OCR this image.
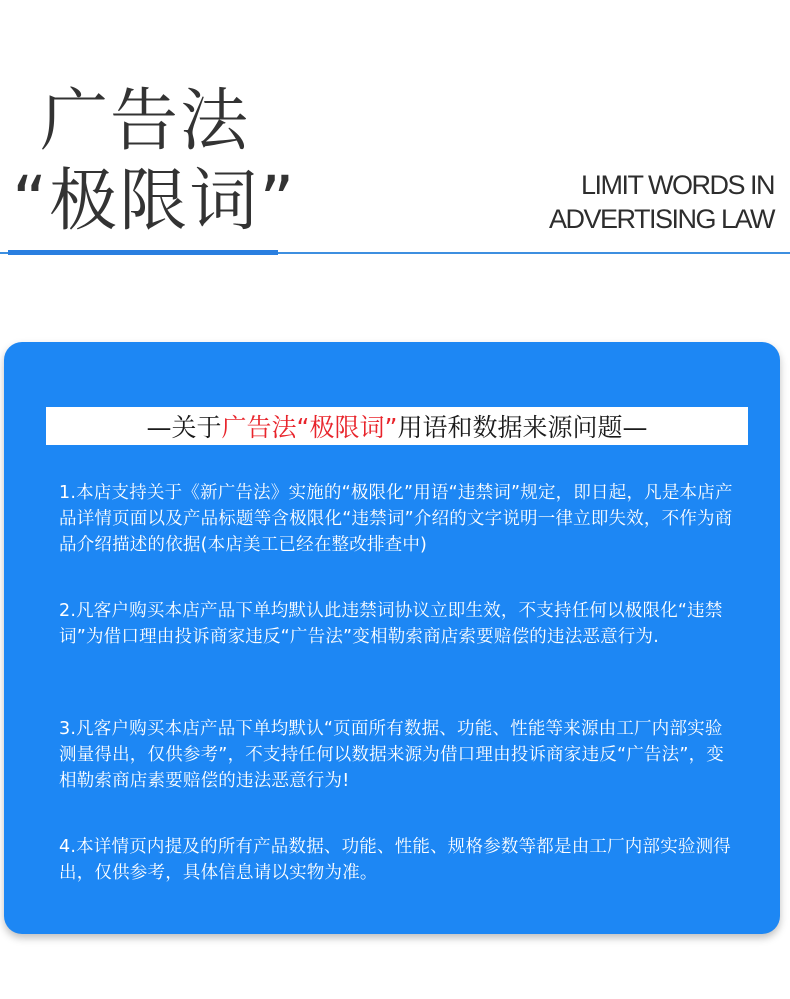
广告法
“极限词”	LIMIT WORDS IN
ADVERTISING LAW
—关于 广告法“极限词” 用语和数据来源问题—
1.本店支持关于《新广告法》实施的“极限化”用语“违禁词”规定，即日起，凡是本店产品详情页面以及产品标题等含极限化“违禁词”介绍的文字说明一律立即失效，不作为商品介绍描述的依据(本店美工已经在整改排查中)
2.凡客户购买本店产品下单均默认此违禁词协议立即生效，不支持任何以极限化“违禁词”为借口理由投诉商家违反“广告法”变相勒索商店索要赔偿的违法恶意行为.
3.凡客户购买本店产品下单均默认“页面所有数据、功能、性能等来源由工厂内部实验测量得出，仅供参考”，不支持任何以数据来源为借口理由投诉商家违反“广告法”，变相勒索商店素要赔偿的违法恶意行为!
4.本详情页内提及的所有产品数据、功能、性能、规格参数等都是由工厂内部实验测得出，仅供参考，具体信息请以实物为准。
